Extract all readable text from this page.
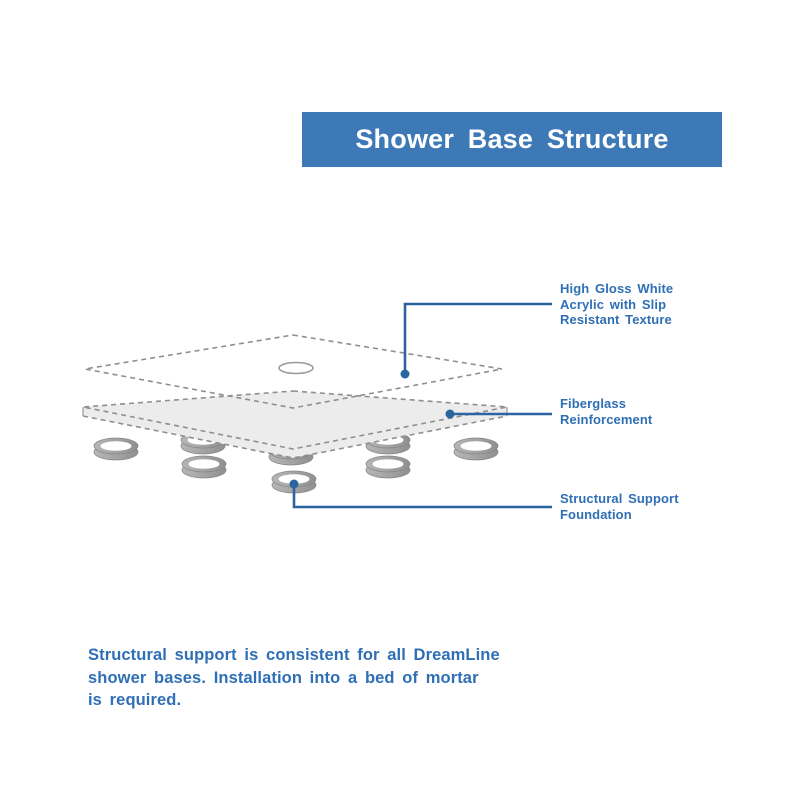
Shower Base Structure
High Gloss White
Acrylic with Slip
Resistant Texture
Fiberglass
Reinforcement
Structural Support
Foundation
Structural support is consistent for all DreamLine
shower bases. Installation into a bed of mortar
is required.
